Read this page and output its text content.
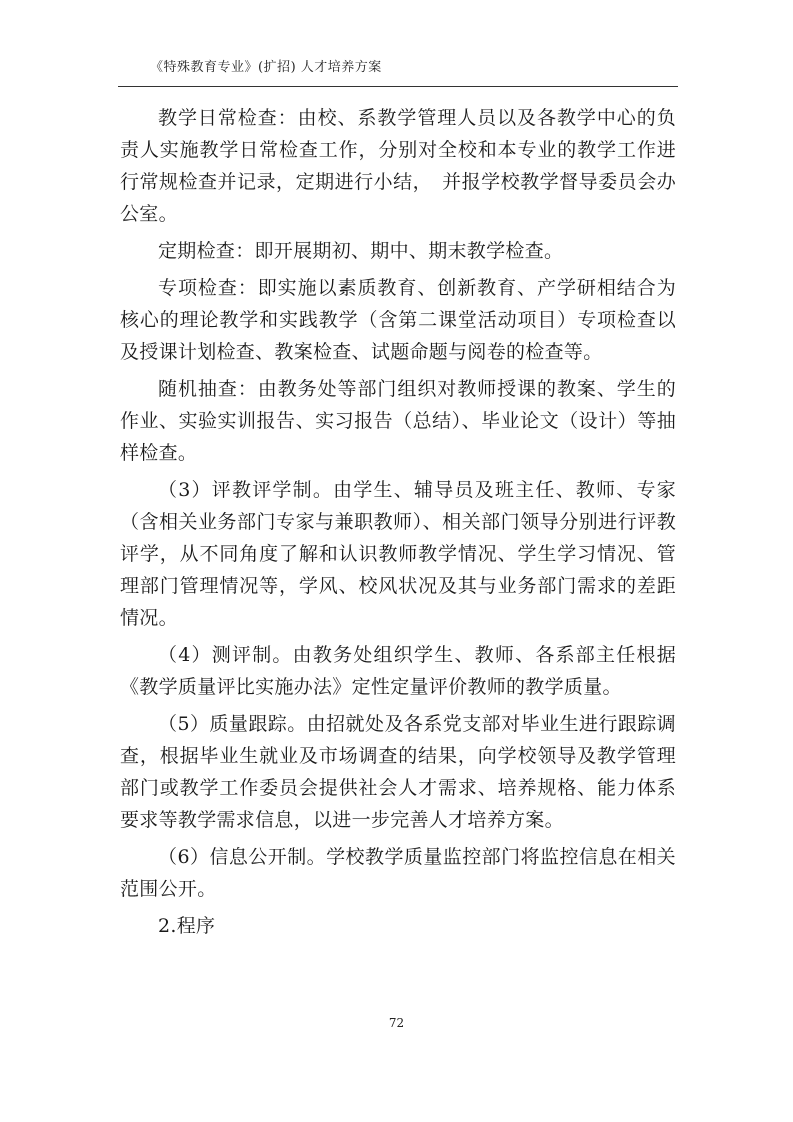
《特殊教育专业》(扩招) 人才培养方案

教学日常检查：由校、系教学管理人员以及各教学中心的负责人实施教学日常检查工作，分别对全校和本专业的教学工作进行常规检查并记录，定期进行小结，　并报学校教学督导委员会办公室。

定期检查：即开展期初、期中、期末教学检查。

专项检查：即实施以素质教育、创新教育、产学研相结合为核心的理论教学和实践教学（含第二课堂活动项目）专项检查以及授课计划检查、教案检查、试题命题与阅卷的检查等。

随机抽查：由教务处等部门组织对教师授课的教案、学生的作业、实验实训报告、实习报告（总结）、毕业论文（设计）等抽样检查。

（3）评教评学制。由学生、辅导员及班主任、教师、专家（含相关业务部门专家与兼职教师）、相关部门领导分别进行评教评学，从不同角度了解和认识教师教学情况、学生学习情况、管理部门管理情况等，学风、校风状况及其与业务部门需求的差距情况。

（4）测评制。由教务处组织学生、教师、各系部主任根据《教学质量评比实施办法》定性定量评价教师的教学质量。

（5）质量跟踪。由招就处及各系党支部对毕业生进行跟踪调查，根据毕业生就业及市场调查的结果，向学校领导及教学管理部门或教学工作委员会提供社会人才需求、培养规格、能力体系要求等教学需求信息，以进一步完善人才培养方案。

（6）信息公开制。学校教学质量监控部门将监控信息在相关范围公开。

2.程序

72
